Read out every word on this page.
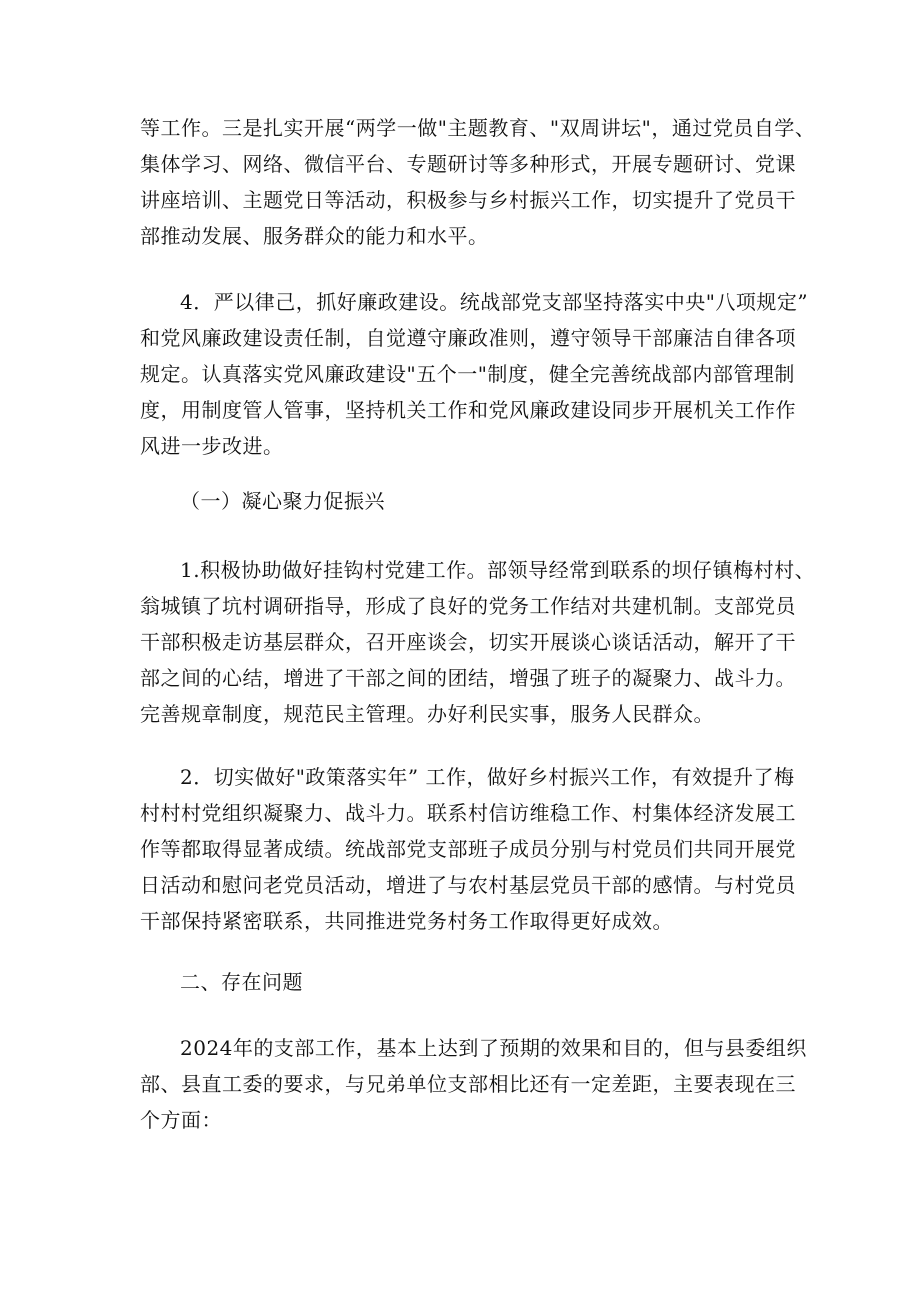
等工作。三是扎实开展“两学一做"主题教育、"双周讲坛"，通过党员自学、
集体学习、网络、微信平台、专题研讨等多种形式，开展专题研讨、党课
讲座培训、主题党日等活动，积极参与乡村振兴工作，切实提升了党员干
部推动发展、服务群众的能力和水平。
4．严以律己，抓好廉政建设。统战部党支部坚持落实中央"八项规定”
和党风廉政建设责任制，自觉遵守廉政准则，遵守领导干部廉洁自律各项
规定。认真落实党风廉政建设"五个一"制度，健全完善统战部内部管理制
度，用制度管人管事，坚持机关工作和党风廉政建设同步开展机关工作作
风进一步改进。
（一）凝心聚力促振兴
1.积极协助做好挂钩村党建工作。部领导经常到联系的坝仔镇梅村村、
翁城镇了坑村调研指导，形成了良好的党务工作结对共建机制。支部党员
干部积极走访基层群众，召开座谈会，切实开展谈心谈话活动，解开了干
部之间的心结，增进了干部之间的团结，增强了班子的凝聚力、战斗力。
完善规章制度，规范民主管理。办好利民实事，服务人民群众。
2．切实做好"政策落实年” 工作，做好乡村振兴工作，有效提升了梅
村村村党组织凝聚力、战斗力。联系村信访维稳工作、村集体经济发展工
作等都取得显著成绩。统战部党支部班子成员分别与村党员们共同开展党
日活动和慰问老党员活动，增进了与农村基层党员干部的感情。与村党员
干部保持紧密联系，共同推进党务村务工作取得更好成效。
二、存在问题
2024年的支部工作，基本上达到了预期的效果和目的，但与县委组织
部、县直工委的要求，与兄弟单位支部相比还有一定差距，主要表现在三
个方面：
